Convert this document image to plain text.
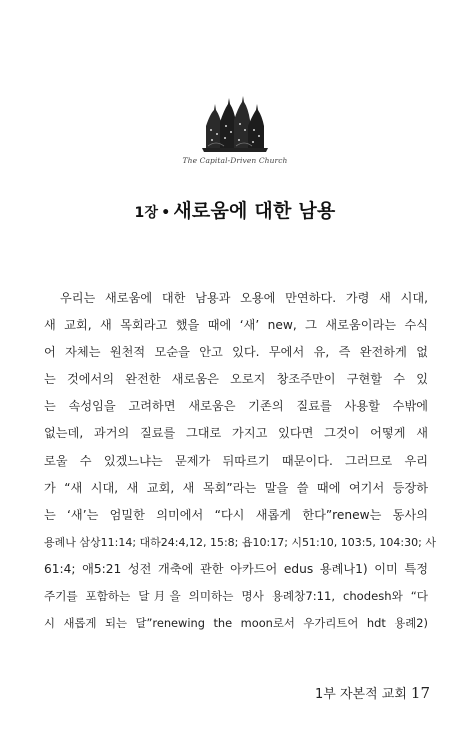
The Capital-Driven Church
1장 • 새로움에 대한 남용
우리는 새로움에 대한 남용과 오용에 만연하다. 가령 새 시대,
새 교회, 새 목회라고 했을 때에 ‘새’ new, 그 새로움이라는 수식
어 자체는 원천적 모순을 안고 있다. 무에서 유, 즉 완전하게 없
는 것에서의 완전한 새로움은 오로지 창조주만이 구현할 수 있
는 속성임을 고려하면 새로움은 기존의 질료를 사용할 수밖에
없는데, 과거의 질료를 그대로 가지고 있다면 그것이 어떻게 새
로울 수 있겠느냐는 문제가 뒤따르기 때문이다. 그러므로 우리
가 “새 시대, 새 교회, 새 목회”라는 말을 쓸 때에 여기서 등장하
는 ‘새’는 엄밀한 의미에서 “다시 새롭게 한다”renew는 동사의
용례나 삼상11:14; 대하24:4,12, 15:8; 욥10:17; 시51:10, 103:5, 104:30; 사
61:4; 애5:21 성전 개축에 관한 아카드어 edus 용례나1) 이미 특정
주기를 포함하는 달月을 의미하는 명사 용례창7:11, chodesh와 “다
시 새롭게 되는 달”renewing the moon로서 우가리트어 hdt 용례2)
1부 자본적 교회 17
